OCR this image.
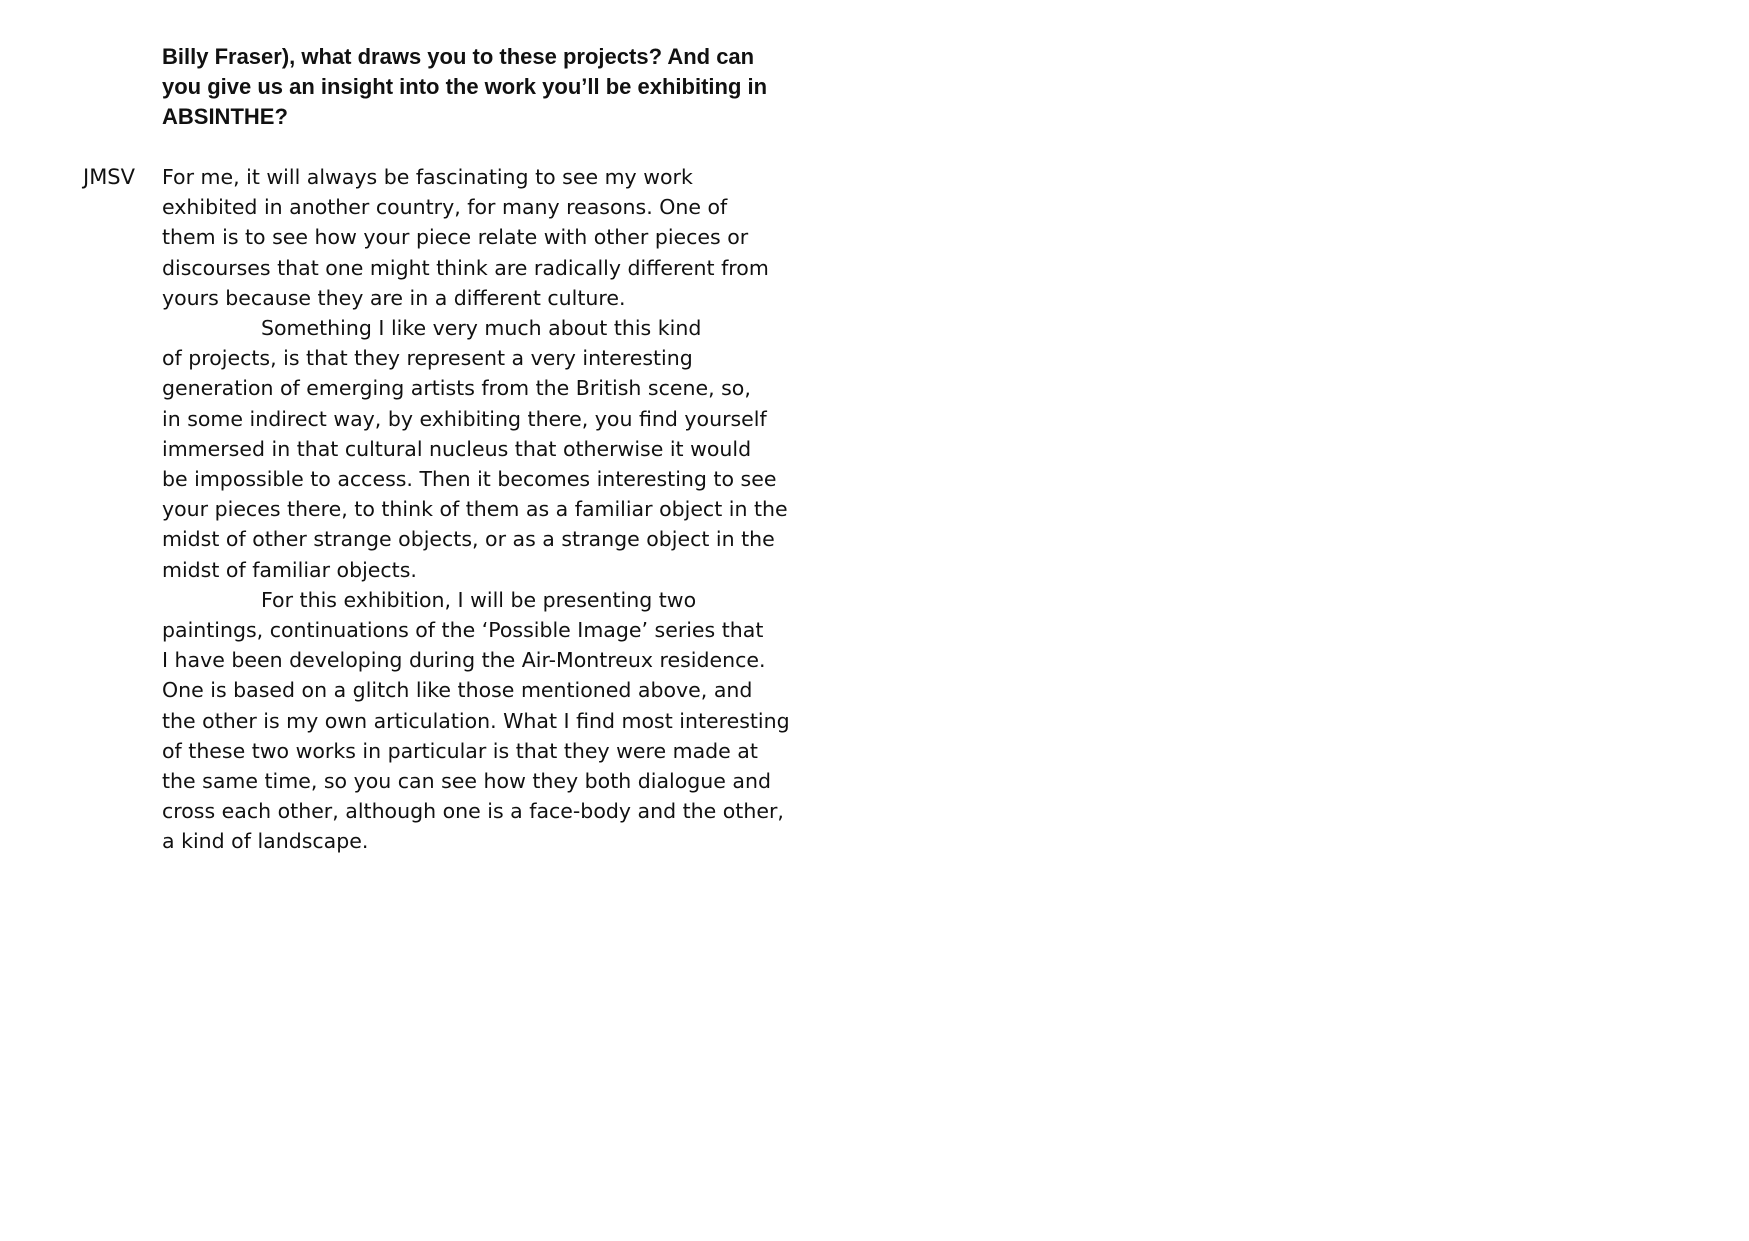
Billy Fraser), what draws you to these projects? And can
you give us an insight into the work you’ll be exhibiting in
ABSINTHE?
JMSV For me, it will always be fascinating to see my work
exhibited in another country, for many reasons. One of
them is to see how your piece relate with other pieces or
discourses that one might think are radically different from
yours because they are in a different culture.
Something I like very much about this kind
of projects, is that they represent a very interesting
generation of emerging artists from the British scene, so,
in some indirect way, by exhibiting there, you find yourself
immersed in that cultural nucleus that otherwise it would
be impossible to access. Then it becomes interesting to see
your pieces there, to think of them as a familiar object in the
midst of other strange objects, or as a strange object in the
midst of familiar objects.
For this exhibition, I will be presenting two
paintings, continuations of the ‘Possible Image’ series that
I have been developing during the Air-Montreux residence.
One is based on a glitch like those mentioned above, and
the other is my own articulation. What I find most interesting
of these two works in particular is that they were made at
the same time, so you can see how they both dialogue and
cross each other, although one is a face-body and the other,
a kind of landscape.
